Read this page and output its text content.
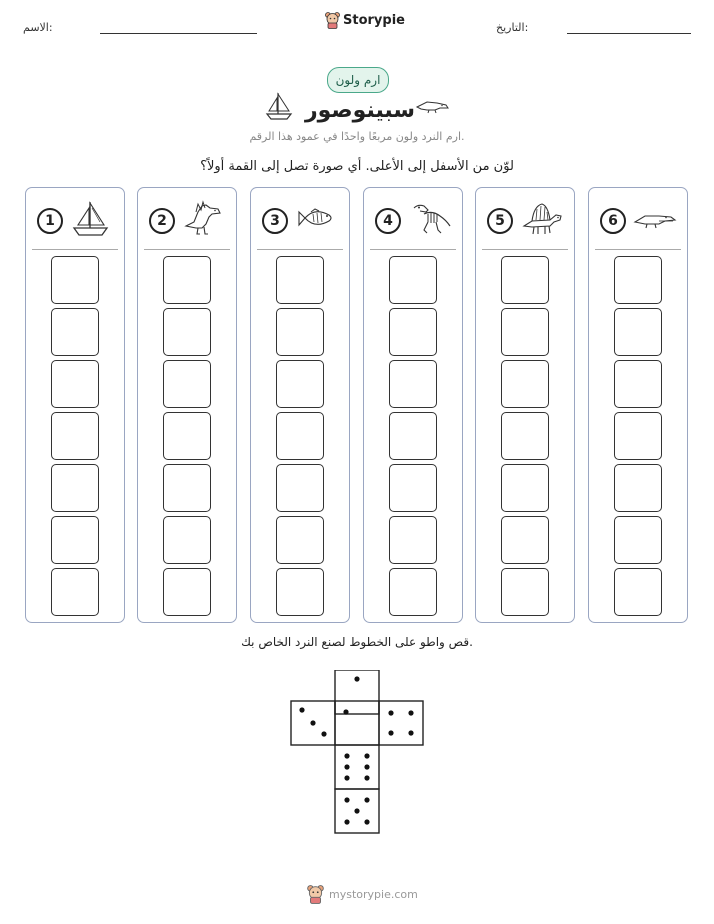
التاريخ:
الاسم:	Storypie
ارم ولون
سبينوصور
ارم النرد ولون مربعًا واحدًا في عمود هذا الرقم.
لوّن من الأسفل إلى الأعلى. أي صورة تصل إلى القمة أولاً؟
1	2	3	4	5	6
قص واطو على الخطوط لصنع النرد الخاص بك.
mystorypie.com
